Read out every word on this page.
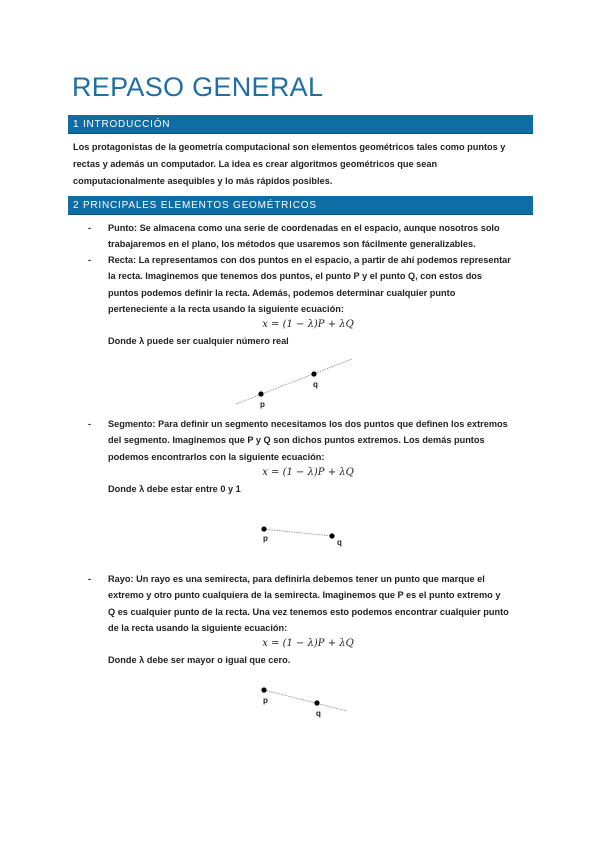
REPASO GENERAL
1 INTRODUCCIÓN
Los protagonistas de la geometría computacional son elementos geométricos tales como puntos y
rectas y además un computador. La idea es crear algoritmos geométricos que sean
computacionalmente asequibles y lo más rápidos posibles.
2 PRINCIPALES ELEMENTOS GEOMÉTRICOS
- Punto: Se almacena como una serie de coordenadas en el espacio, aunque nosotros solo
trabajaremos en el plano, los métodos que usaremos son fácilmente generalizables.
- Recta: La representamos con dos puntos en el espacio, a partir de ahí podemos representar
la recta. Imaginemos que tenemos dos puntos, el punto P y el punto Q, con estos dos
puntos podemos definir la recta. Además, podemos determinar cualquier punto
perteneciente a la recta usando la siguiente ecuación:
x = (1 − λ)P + λQ
Donde λ puede ser cualquier número real
p
q
- Segmento: Para definir un segmento necesitamos los dos puntos que definen los extremos
del segmento. Imaginemos que P y Q son dichos puntos extremos. Los demás puntos
podemos encontrarlos con la siguiente ecuación:
x = (1 − λ)P + λQ
Donde λ debe estar entre 0 y 1
p	q
- Rayo: Un rayo es una semirecta, para definirla debemos tener un punto que marque el
extremo y otro punto cualquiera de la semirecta. Imaginemos que P es el punto extremo y
Q es cualquier punto de la recta. Una vez tenemos esto podemos encontrar cualquier punto
de la recta usando la siguiente ecuación:
x = (1 − λ)P + λQ
Donde λ debe ser mayor o igual que cero.
p
q
